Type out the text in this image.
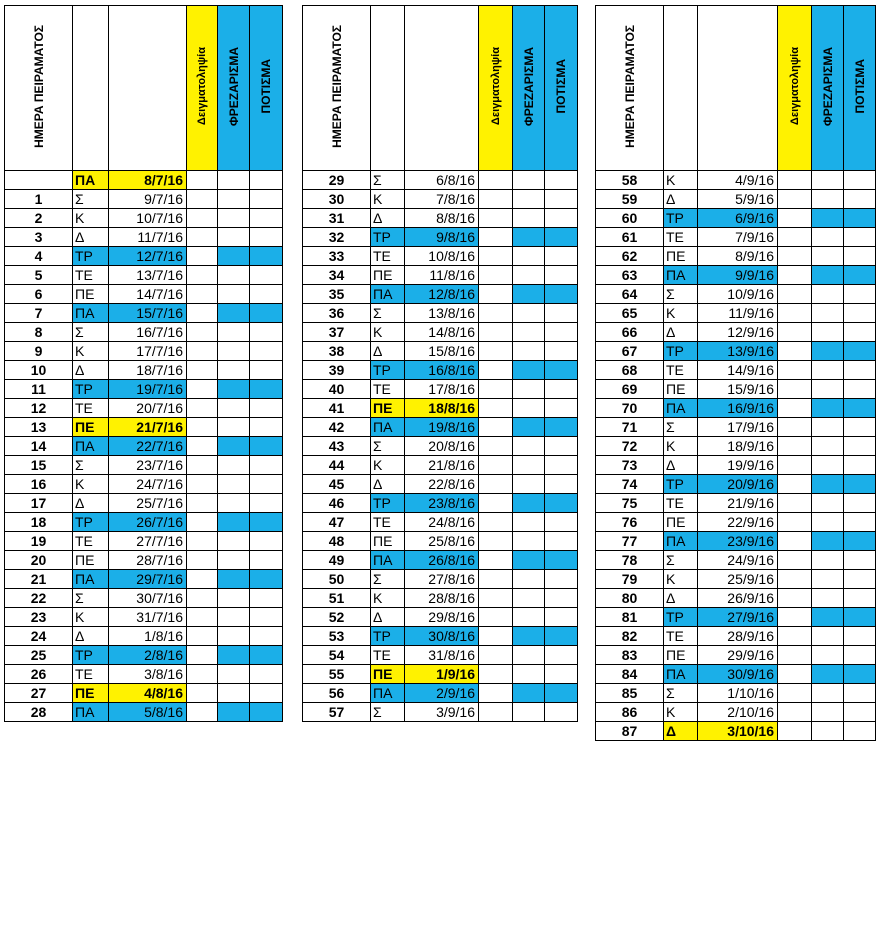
ΗΜΕΡΑ ΠΕΙΡΑΜΑΤΟΣ			Δειγματοληψία	ΦΡΕΖΑΡΙΣΜΑ	ΠΟΤΙΣΜΑ
	ΠΑ	8/7/16			
1	Σ	9/7/16			
2	Κ	10/7/16			
3	Δ	11/7/16			
4	ΤΡ	12/7/16			
5	ΤΕ	13/7/16			
6	ΠΕ	14/7/16			
7	ΠΑ	15/7/16			
8	Σ	16/7/16			
9	Κ	17/7/16			
10	Δ	18/7/16			
11	ΤΡ	19/7/16			
12	ΤΕ	20/7/16			
13	ΠΕ	21/7/16			
14	ΠΑ	22/7/16			
15	Σ	23/7/16			
16	Κ	24/7/16			
17	Δ	25/7/16			
18	ΤΡ	26/7/16			
19	ΤΕ	27/7/16			
20	ΠΕ	28/7/16			
21	ΠΑ	29/7/16			
22	Σ	30/7/16			
23	Κ	31/7/16			
24	Δ	1/8/16			
25	ΤΡ	2/8/16			
26	ΤΕ	3/8/16			
27	ΠΕ	4/8/16			
28	ΠΑ	5/8/16			
ΗΜΕΡΑ ΠΕΙΡΑΜΑΤΟΣ			Δειγματοληψία	ΦΡΕΖΑΡΙΣΜΑ	ΠΟΤΙΣΜΑ
29	Σ	6/8/16			
30	Κ	7/8/16			
31	Δ	8/8/16			
32	ΤΡ	9/8/16			
33	ΤΕ	10/8/16			
34	ΠΕ	11/8/16			
35	ΠΑ	12/8/16			
36	Σ	13/8/16			
37	Κ	14/8/16			
38	Δ	15/8/16			
39	ΤΡ	16/8/16			
40	ΤΕ	17/8/16			
41	ΠΕ	18/8/16			
42	ΠΑ	19/8/16			
43	Σ	20/8/16			
44	Κ	21/8/16			
45	Δ	22/8/16			
46	ΤΡ	23/8/16			
47	ΤΕ	24/8/16			
48	ΠΕ	25/8/16			
49	ΠΑ	26/8/16			
50	Σ	27/8/16			
51	Κ	28/8/16			
52	Δ	29/8/16			
53	ΤΡ	30/8/16			
54	ΤΕ	31/8/16			
55	ΠΕ	1/9/16			
56	ΠΑ	2/9/16			
57	Σ	3/9/16			
ΗΜΕΡΑ ΠΕΙΡΑΜΑΤΟΣ			Δειγματοληψία	ΦΡΕΖΑΡΙΣΜΑ	ΠΟΤΙΣΜΑ
58	Κ	4/9/16			
59	Δ	5/9/16			
60	ΤΡ	6/9/16			
61	ΤΕ	7/9/16			
62	ΠΕ	8/9/16			
63	ΠΑ	9/9/16			
64	Σ	10/9/16			
65	Κ	11/9/16			
66	Δ	12/9/16			
67	ΤΡ	13/9/16			
68	ΤΕ	14/9/16			
69	ΠΕ	15/9/16			
70	ΠΑ	16/9/16			
71	Σ	17/9/16			
72	Κ	18/9/16			
73	Δ	19/9/16			
74	ΤΡ	20/9/16			
75	ΤΕ	21/9/16			
76	ΠΕ	22/9/16			
77	ΠΑ	23/9/16			
78	Σ	24/9/16			
79	Κ	25/9/16			
80	Δ	26/9/16			
81	ΤΡ	27/9/16			
82	ΤΕ	28/9/16			
83	ΠΕ	29/9/16			
84	ΠΑ	30/9/16			
85	Σ	1/10/16			
86	Κ	2/10/16			
87	Δ	3/10/16			
